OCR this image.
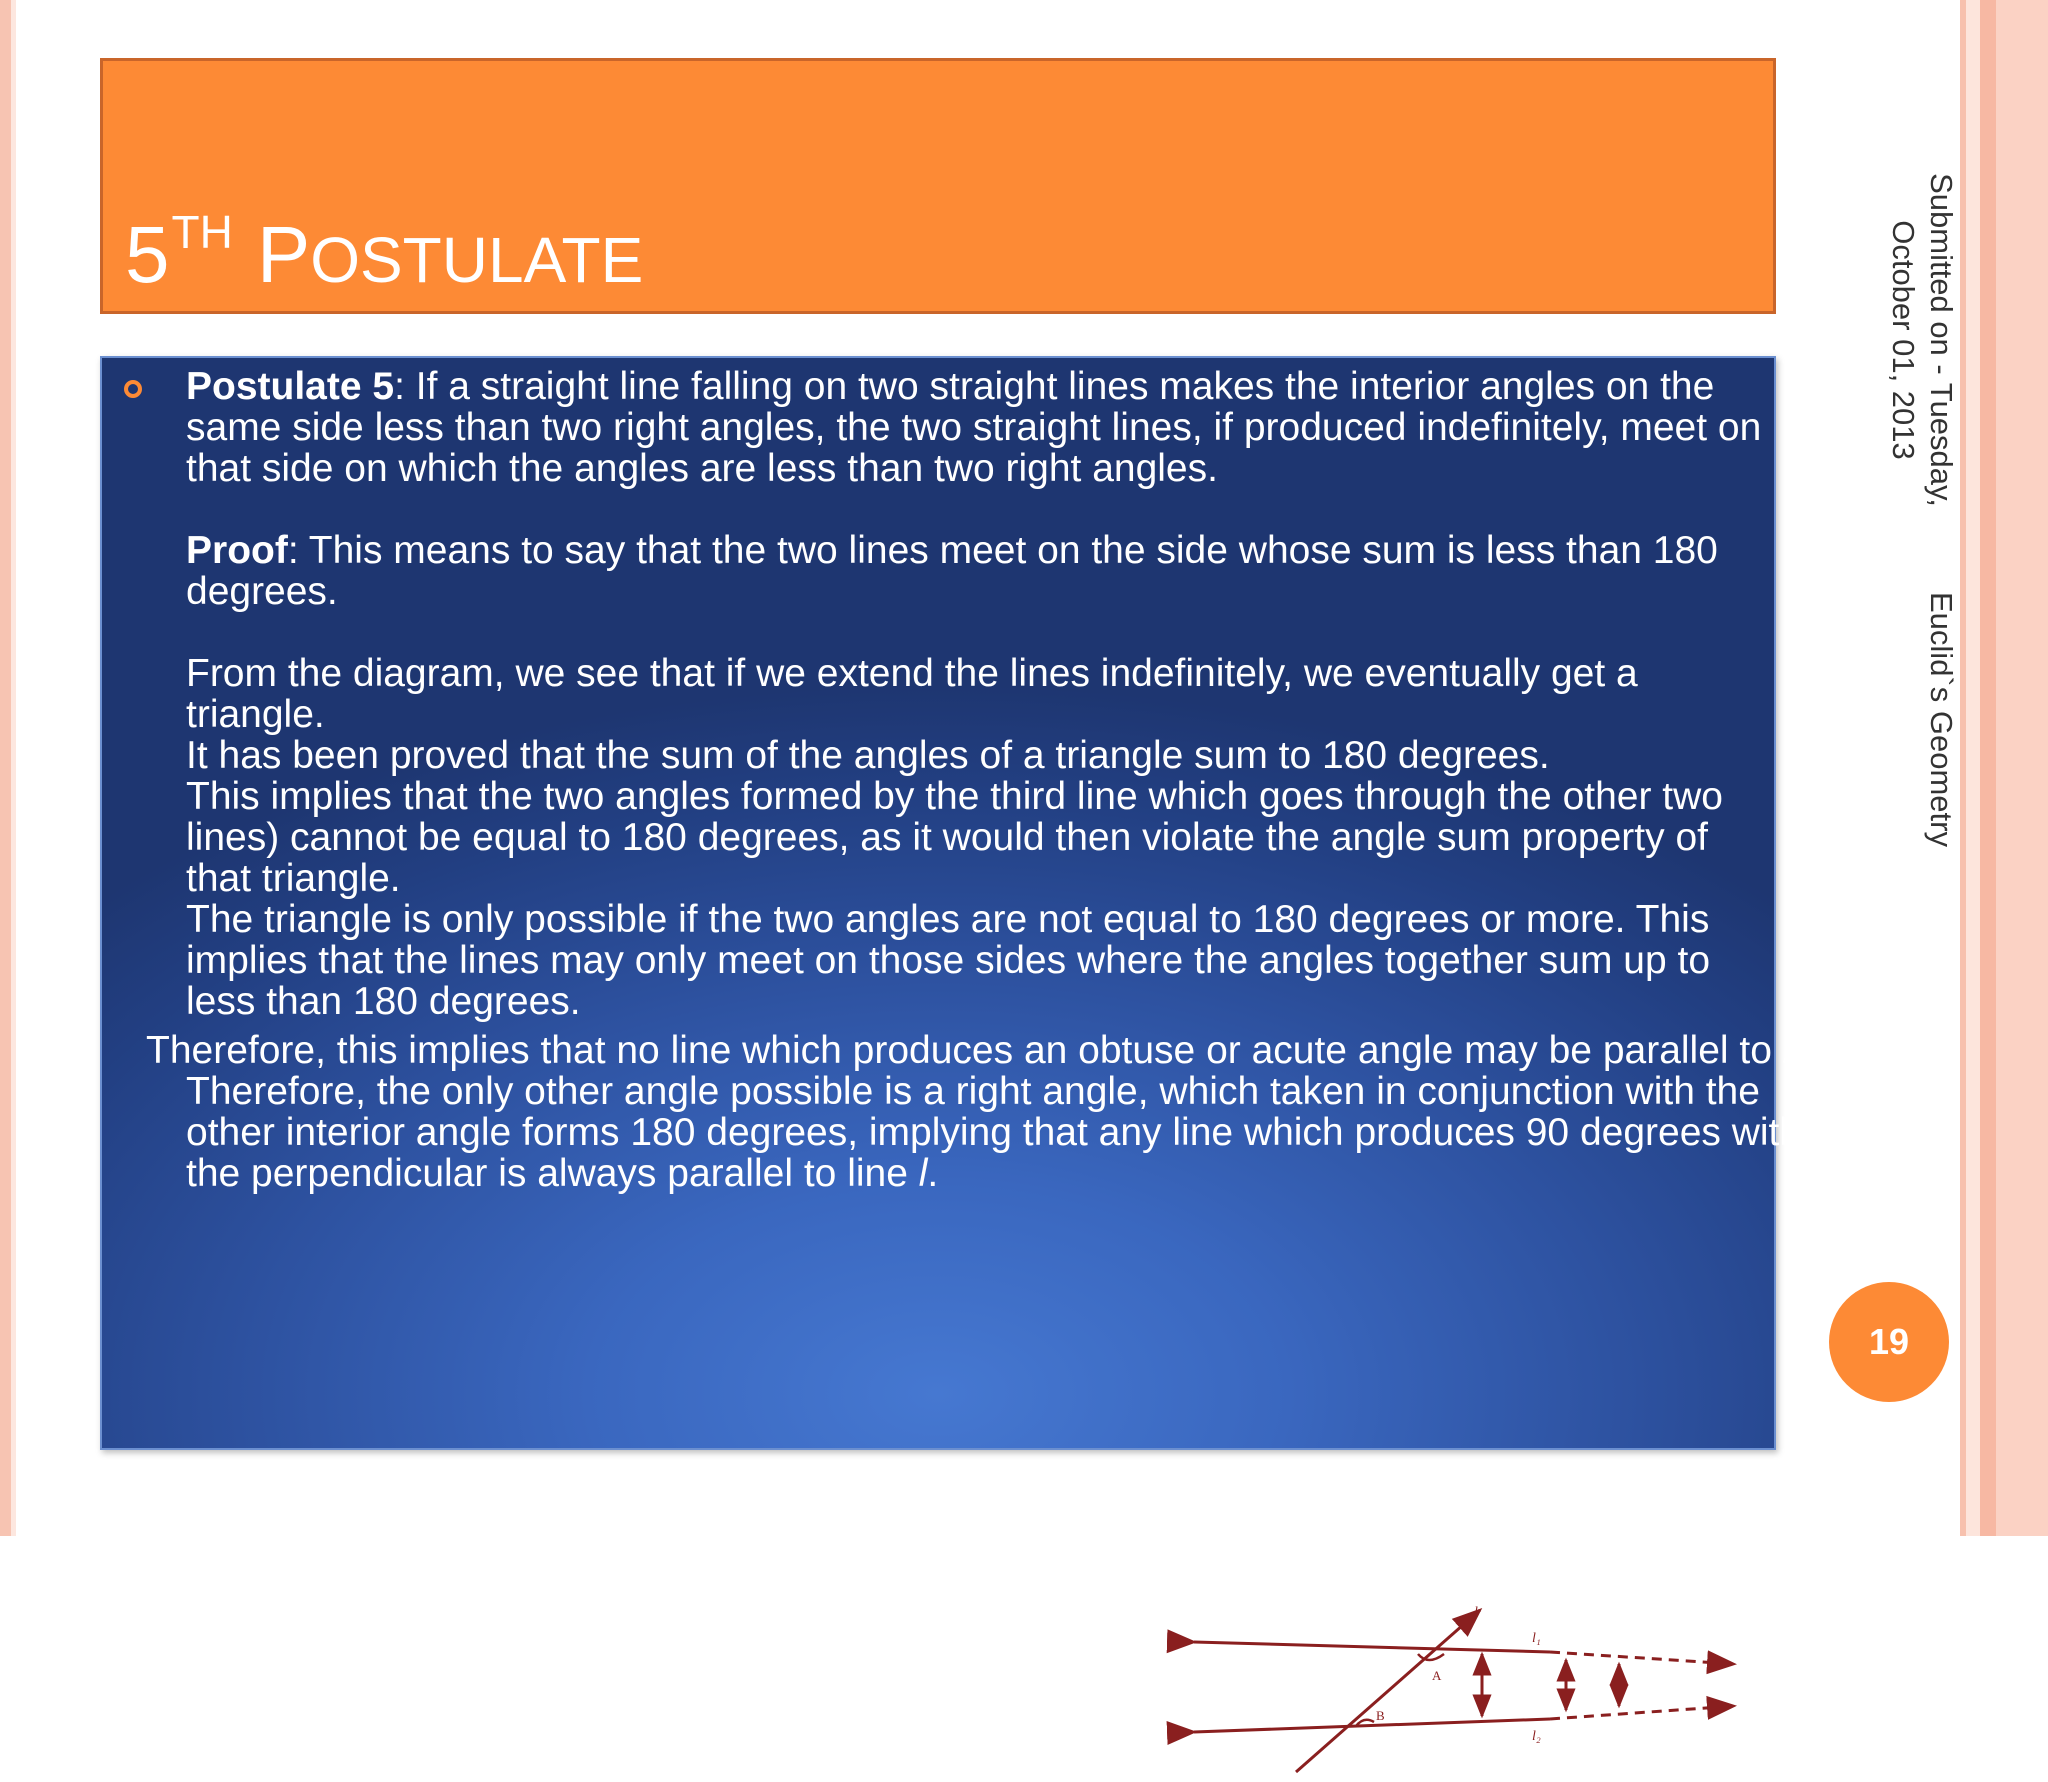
5TH POSTULATE

Postulate 5: If a straight line falling on two straight lines makes the interior angles on the same side less than two right angles, the two straight lines, if produced indefinitely, meet on that side on which the angles are less than two right angles.

Proof: This means to say that the two lines meet on the side whose sum is less than 180 degrees.

From the diagram, we see that if we extend the lines indefinitely, we eventually get a triangle.

It has been proved that the sum of the angles of a triangle sum to 180 degrees.

This implies that the two angles formed by the third line which goes through the other two lines) cannot be equal to 180 degrees, as it would then violate the angle sum property of that triangle.

The triangle is only possible if the two angles are not equal to 180 degrees or more. This implies that the lines may only meet on those sides where the angles together sum up to less than 180 degrees.

Therefore, this implies that no line which produces an obtuse or acute angle may be parallel to l. Therefore, the only other angle possible is a right angle, which taken in conjunction with the other interior angle forms 180 degrees, implying that any line which produces 90 degrees with the perpendicular is always parallel to line l.

l
l₁
l₂
A
B
Submitted on - Tuesday,
October 01, 2013
Euclid`s Geometry
19
